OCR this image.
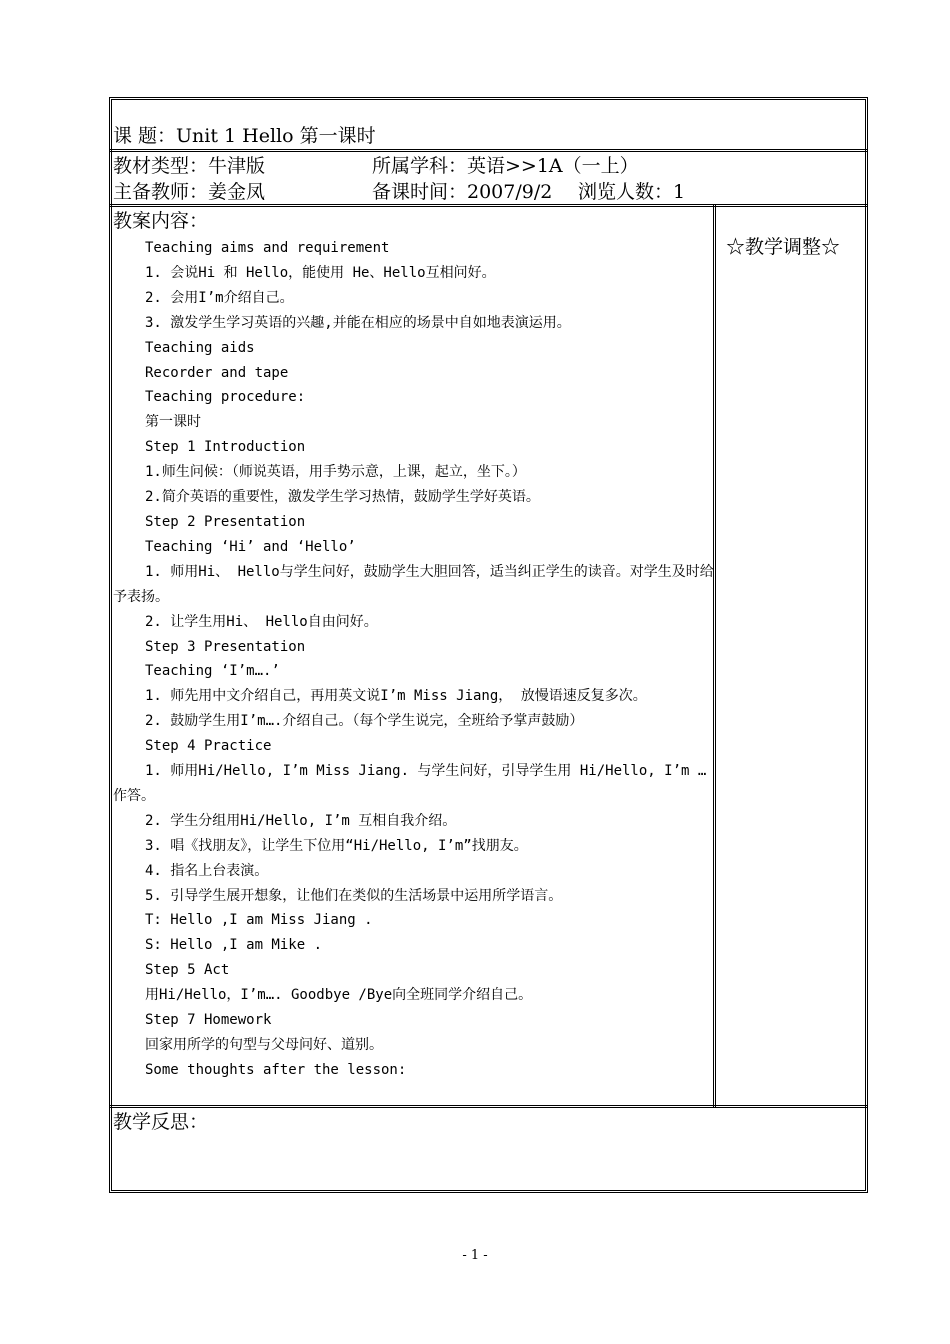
课 题：Unit 1 Hello 第一课时
教材类型：牛津版	所属学科：英语>>1A（一上）
主备教师：姜金凤	备课时间：2007/9/2 浏览人数：1
教案内容：
☆教学调整☆

Teaching aims and requirement

1. 会说Hi 和 Hello，能使用 He、Hello互相问好。

2. 会用I’m介绍自己。

3. 激发学生学习英语的兴趣,并能在相应的场景中自如地表演运用。

Teaching aids

Recorder and tape

Teaching procedure:

第一课时

Step 1 Introduction

1.师生问候：（师说英语，用手势示意，上课，起立，坐下。）

2.简介英语的重要性，激发学生学习热情，鼓励学生学好英语。

Step 2 Presentation

Teaching ‘Hi’ and ‘Hello’

1. 师用Hi、 Hello与学生问好，鼓励学生大胆回答，适当纠正学生的读音。对学生及时给予表扬。

2. 让学生用Hi、 Hello自由问好。

Step 3 Presentation

Teaching ‘I’m….’

1. 师先用中文介绍自己，再用英文说I’m Miss Jiang， 放慢语速反复多次。

2. 鼓励学生用I’m….介绍自己。（每个学生说完，全班给予掌声鼓励）

Step 4 Practice

1. 师用Hi/Hello, I’m Miss Jiang. 与学生问好，引导学生用 Hi/Hello, I’m …作答。

2. 学生分组用Hi/Hello, I’m 互相自我介绍。

3. 唱《找朋友》，让学生下位用“Hi/Hello, I’m”找朋友。

4. 指名上台表演。

5. 引导学生展开想象，让他们在类似的生活场景中运用所学语言。

T: Hello ,I am Miss Jiang .

S: Hello ,I am Mike .

Step 5 Act

用Hi/Hello，I’m…. Goodbye /Bye向全班同学介绍自己。

Step 7 Homework

回家用所学的句型与父母问好、道别。

Some thoughts after the lesson:

教学反思：
- 1 -
